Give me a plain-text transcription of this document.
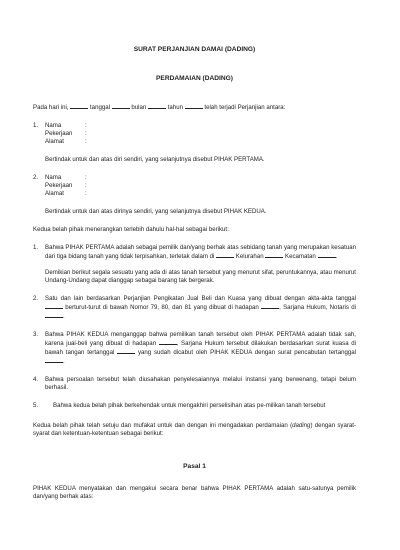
SURAT PERJANJIAN DAMAI (DADING)

PERDAMAIAN (DADING)

Pada hari ini,	tanggal	bulan	tahun	telah terjadi Perjanjian antara:
1.	Nama	:
Pekerjaan	:
Alamat	:
Bertindak untuk dan atas diri sendiri, yang selanjutnya disebut PIHAK PERTAMA.
2.	Nama	:
Pekerjaan	:
Alamat	:
Bertindak untuk dan atas dirinya sendiri, yang selanjutnya disebut PIHAK KEDUA.
Kedua belah pihak menerangkan terlebih dahulu hal-hal sebagai berikut:
1.	Bahwa PIHAK PERTAMA adalah sebagai pemilik dan/yang berhak atas sebidang tanah yang merupakan kesatuan dari tiga bidang tanah yang tidak terpisahkan, terletak dalam di	Kelurahan	Kecamatan	.

Demikian berikut segala sesuatu yang ada di atas tanah tersebut yang menurut sifat, peruntukannya, atau menurut Undang-Undang dapat dianggap sebagai barang tak bergerak.

2.	Satu dan lain berdasarkan Perjanjian Pengikatan Jual Beli dan Kuasa yang dibuat dengan akta-akta tanggal  berturut-turut di bawah Nomor 79, 80, dan 81 yang dibuat di hadapan	, Sarjana Hukum, Notaris di .
3.	Bahwa PIHAK KEDUA menganggap bahwa pemilikan tanah tersebut oleh PIHAK PERTAMA adalah tidak sah, karena jual-beli yang dibuat di hadapan	, Sarjana Hukum tersebut dilakukan berdasarkan surat kuasa di bawah tangan tertanggal	yang sudah dicabut oleh PIHAK KEDUA dengan surat pencabutan tertanggal .
4.	Bahwa persoalan tersebut telah diusahakan penyelesaiannya melalui instansi yang berwenang, tetapi belum berhasil.
5.	Bahwa kedua belah pihak berkehendak untuk mengakhiri perselisihan atas pe-milikan tanah tersebut
Kedua belah pihak telah setuju dan mufakat untuk dan dengan ini mengadakan perdamaian (dading) dengan syarat-syarat dan ketentuan-ketentuan sebagai berikut:
Pasal 1
PIHAK KEDUA menyatakan dan mengakui secara benar bahwa PIHAK PERTAMA adalah satu-satunya pemilik dan/yang berhak atas:
